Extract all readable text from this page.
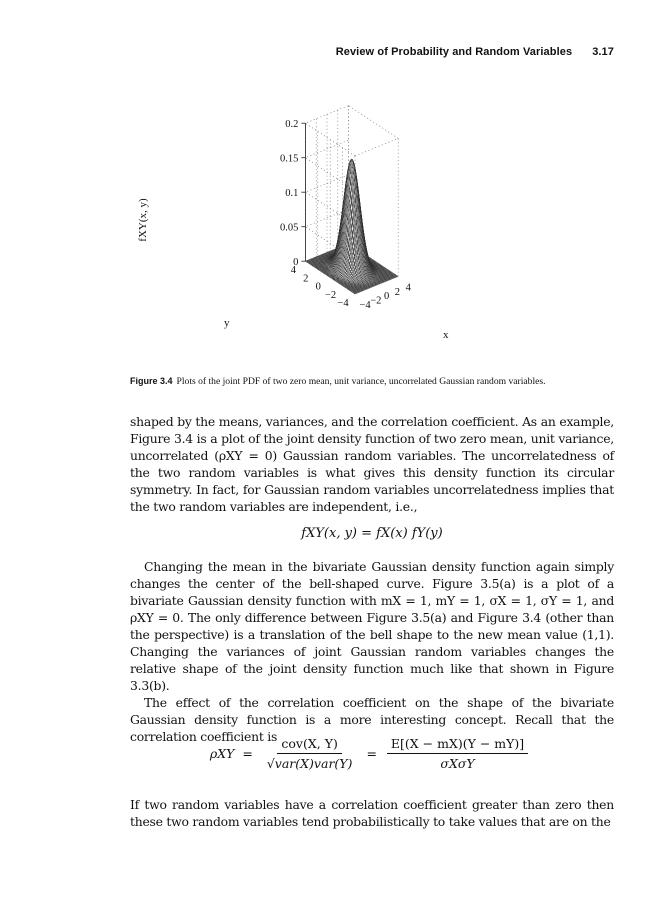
Review of Probability and Random Variables 3.17
0.2
0.15
0.1
0.05
0
4
2
0
−2
−4 −4 −2 0 2 4
fXY(x, y)
x
y
Figure 3.4 Plots of the joint PDF of two zero mean, unit variance, uncorrelated Gaussian random variables.
shaped by the means, variances, and the correlation coefficient. As an example, Figure 3.4 is a plot of the joint density function of two zero mean, unit variance, uncorrelated (ρXY = 0) Gaussian random variables. The uncorrelatedness of the two random variables is what gives this density function its circular symmetry. In fact, for Gaussian random variables uncorrelatedness implies that the two random variables are independent, i.e.,
fXY(x, y) = fX(x) fY(y)
Changing the mean in the bivariate Gaussian density function again simply changes the center of the bell-shaped curve. Figure 3.5(a) is a plot of a bivariate Gaussian density function with mX = 1, mY = 1, σX = 1, σY = 1, and ρXY = 0. The only difference between Figure 3.5(a) and Figure 3.4 (other than the perspective) is a translation of the bell shape to the new mean value (1,1). Changing the variances of joint Gaussian random variables changes the relative shape of the joint density function much like that shown in Figure 3.3(b).
The effect of the correlation coefficient on the shape of the bivariate Gaussian density function is a more interesting concept. Recall that the correlation coefficient is
$\rho XY = \frac{\text{cov(X, Y)}}{\text{√var(X)var(Y)}} = \frac{E[(X - mX)(Y - mY)]}{\text{σXσY}}$
If two random variables have a correlation coefficient greater than zero then these two random variables tend probabilistically to take values that are on the
